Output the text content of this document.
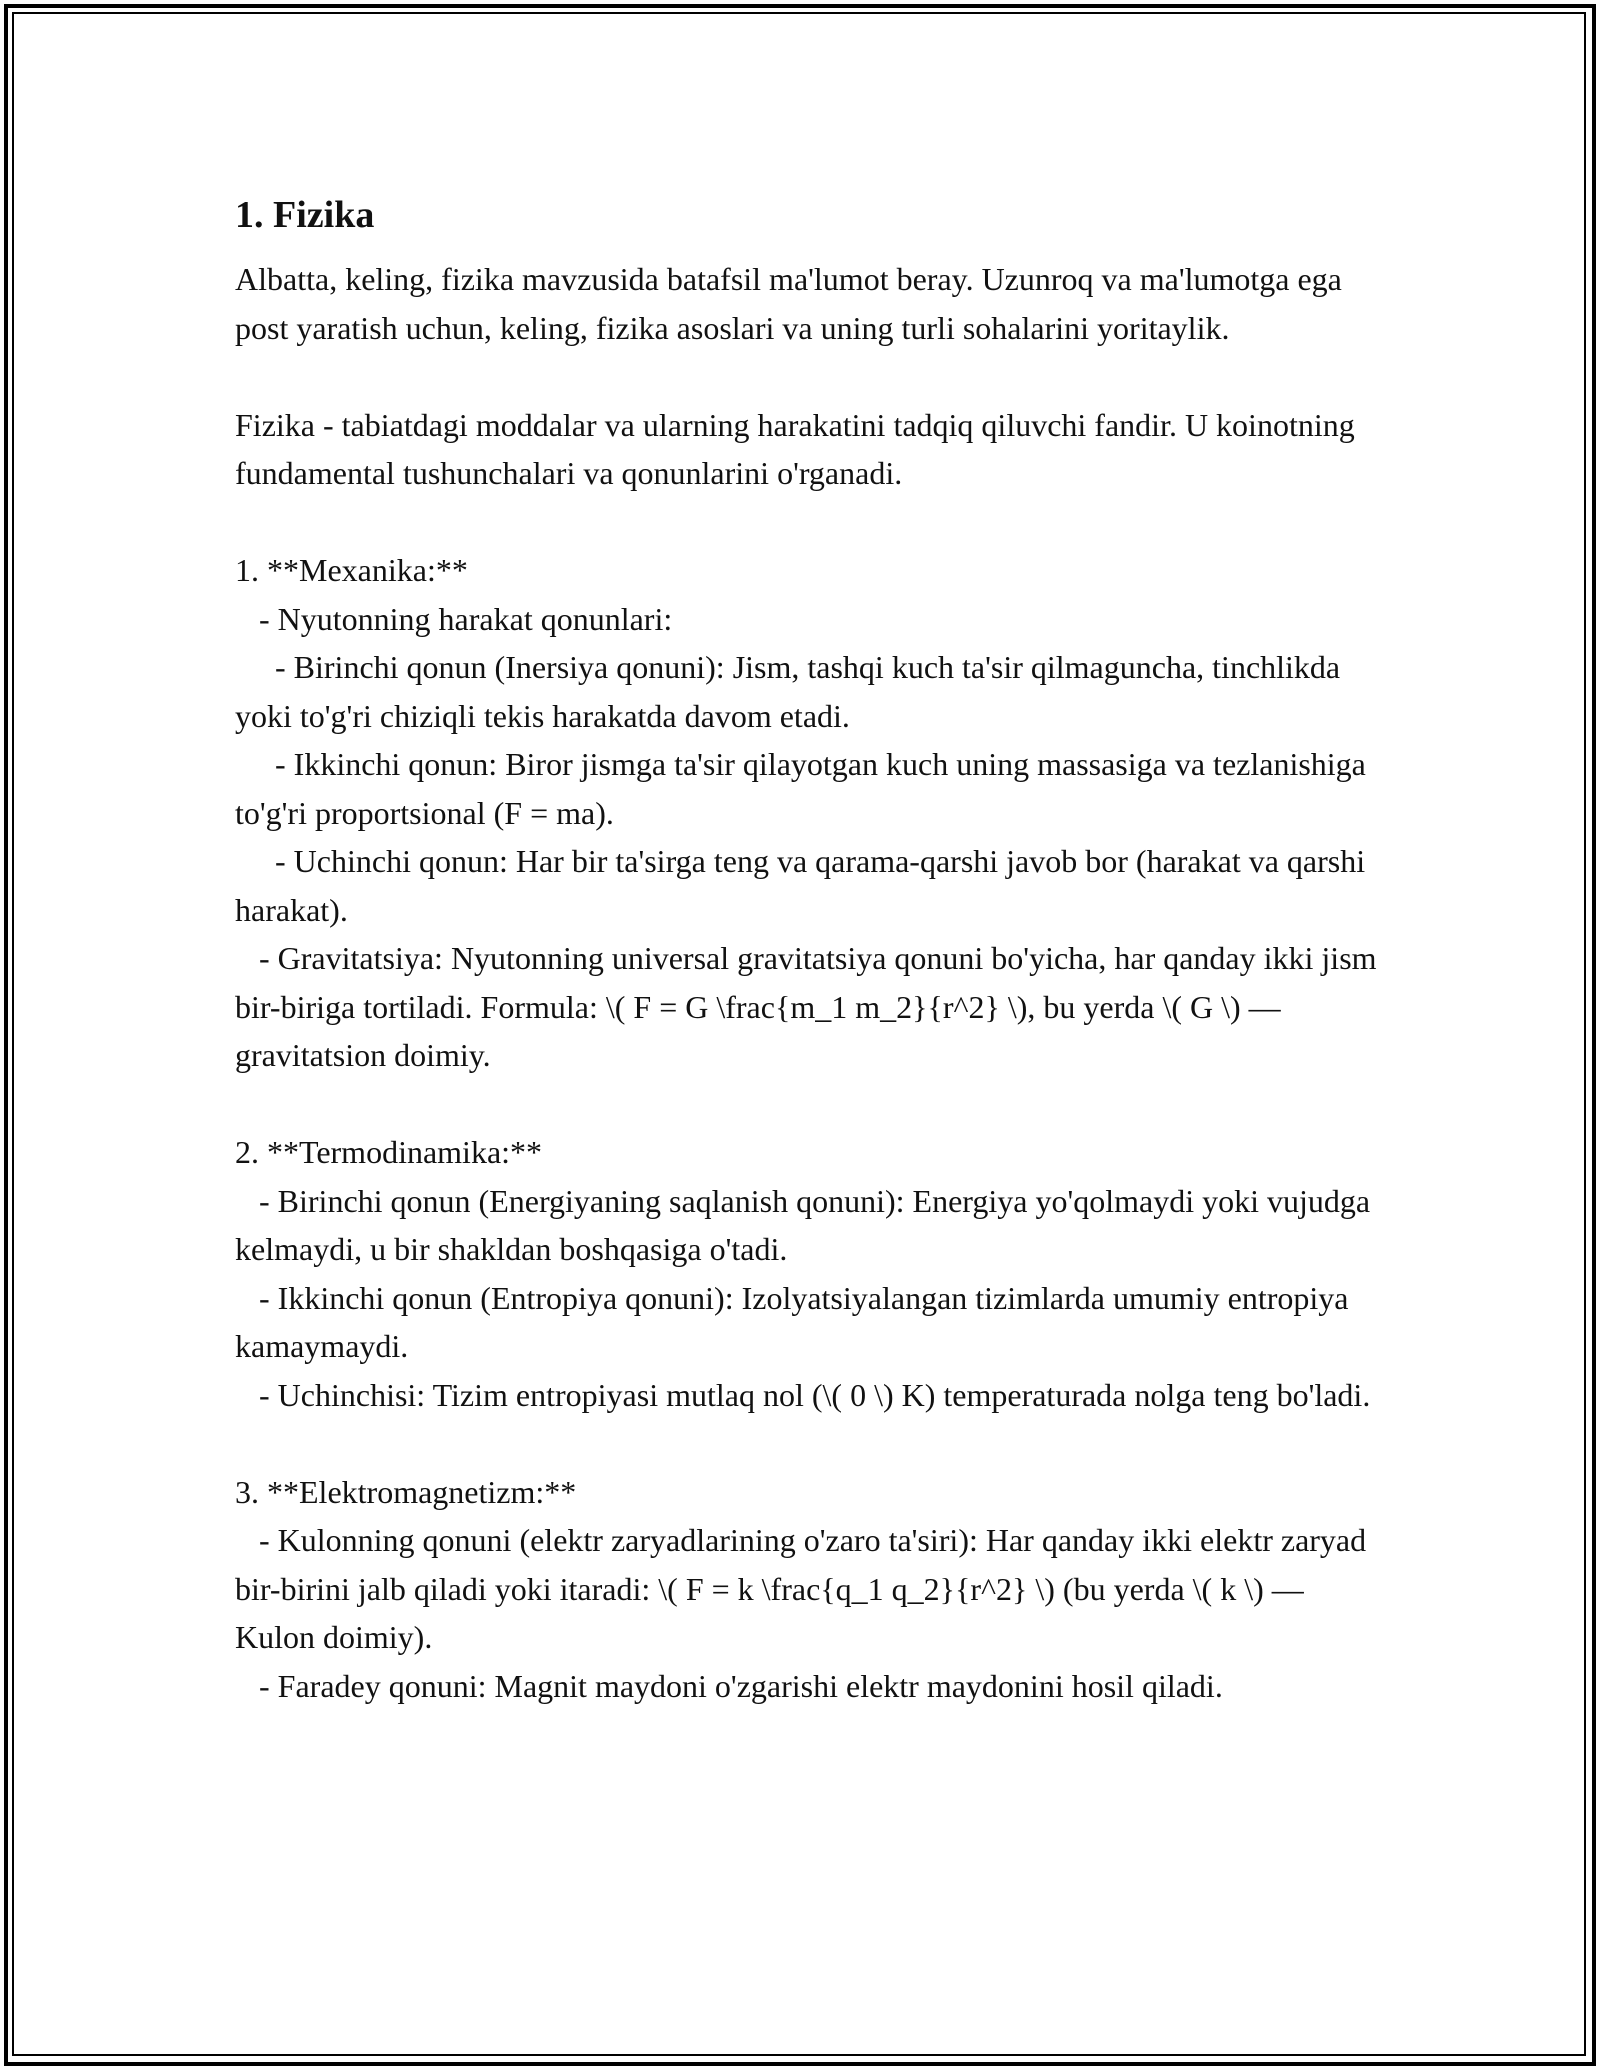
1. Fizika

Albatta, keling, fizika mavzusida batafsil ma'lumot beray. Uzunroq va ma'lumotga ega post yaratish uchun, keling, fizika asoslari va uning turli sohalarini yoritaylik.

Fizika - tabiatdagi moddalar va ularning harakatini tadqiq qiluvchi fandir. U koinotning fundamental tushunchalari va qonunlarini o'rganadi.

1. **Mexanika:**

- Nyutonning harakat qonunlari:

- Birinchi qonun (Inersiya qonuni): Jism, tashqi kuch ta'sir qilmaguncha, tinchlikda yoki to'g'ri chiziqli tekis harakatda davom etadi.

- Ikkinchi qonun: Biror jismga ta'sir qilayotgan kuch uning massasiga va tezlanishiga to'g'ri proportsional (F = ma).

- Uchinchi qonun: Har bir ta'sirga teng va qarama-qarshi javob bor (harakat va qarshi harakat).

- Gravitatsiya: Nyutonning universal gravitatsiya qonuni bo'yicha, har qanday ikki jism bir-biriga tortiladi. Formula: \( F = G \frac{m_1 m_2}{r^2} \), bu yerda \( G \) — gravitatsion doimiy.

2. **Termodinamika:**

- Birinchi qonun (Energiyaning saqlanish qonuni): Energiya yo'qolmaydi yoki vujudga kelmaydi, u bir shakldan boshqasiga o'tadi.

- Ikkinchi qonun (Entropiya qonuni): Izolyatsiyalangan tizimlarda umumiy entropiya kamaymaydi.

- Uchinchisi: Tizim entropiyasi mutlaq nol (\( 0 \) K) temperaturada nolga teng bo'ladi.

3. **Elektromagnetizm:**

- Kulonning qonuni (elektr zaryadlarining o'zaro ta'siri): Har qanday ikki elektr zaryad bir-birini jalb qiladi yoki itaradi: \( F = k \frac{q_1 q_2}{r^2} \) (bu yerda \( k \) — Kulon doimiy).

- Faradey qonuni: Magnit maydoni o'zgarishi elektr maydonini hosil qiladi.
